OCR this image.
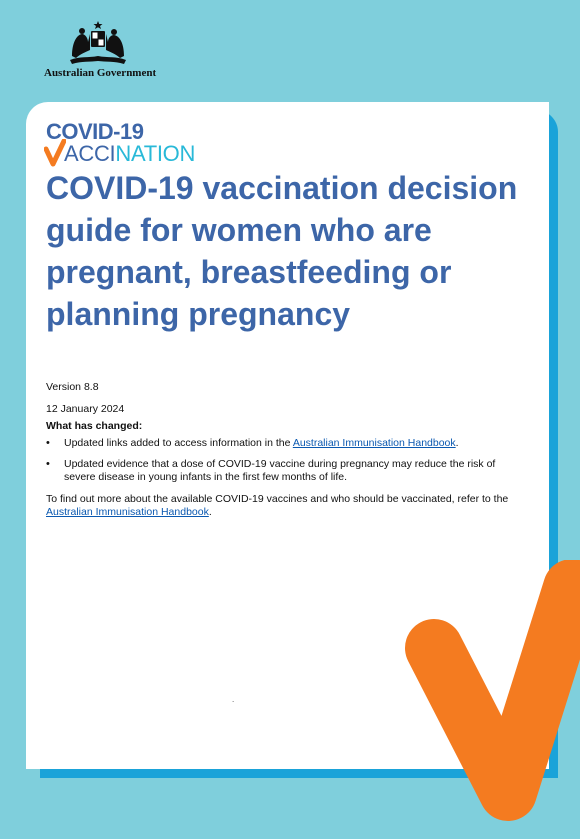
Australian Government
COVID-19
ACCINATION
COVID-19 vaccination decision guide for women who are pregnant, breastfeeding or planning pregnancy
Version 8.8
12 January 2024
What has changed:
• Updated links added to access information in the Australian Immunisation Handbook.
• Updated evidence that a dose of COVID-19 vaccine during pregnancy may reduce the risk of severe disease in young infants in the first few months of life.

To find out more about the available COVID-19 vaccines and who should be vaccinated, refer to the Australian Immunisation Handbook.

.
